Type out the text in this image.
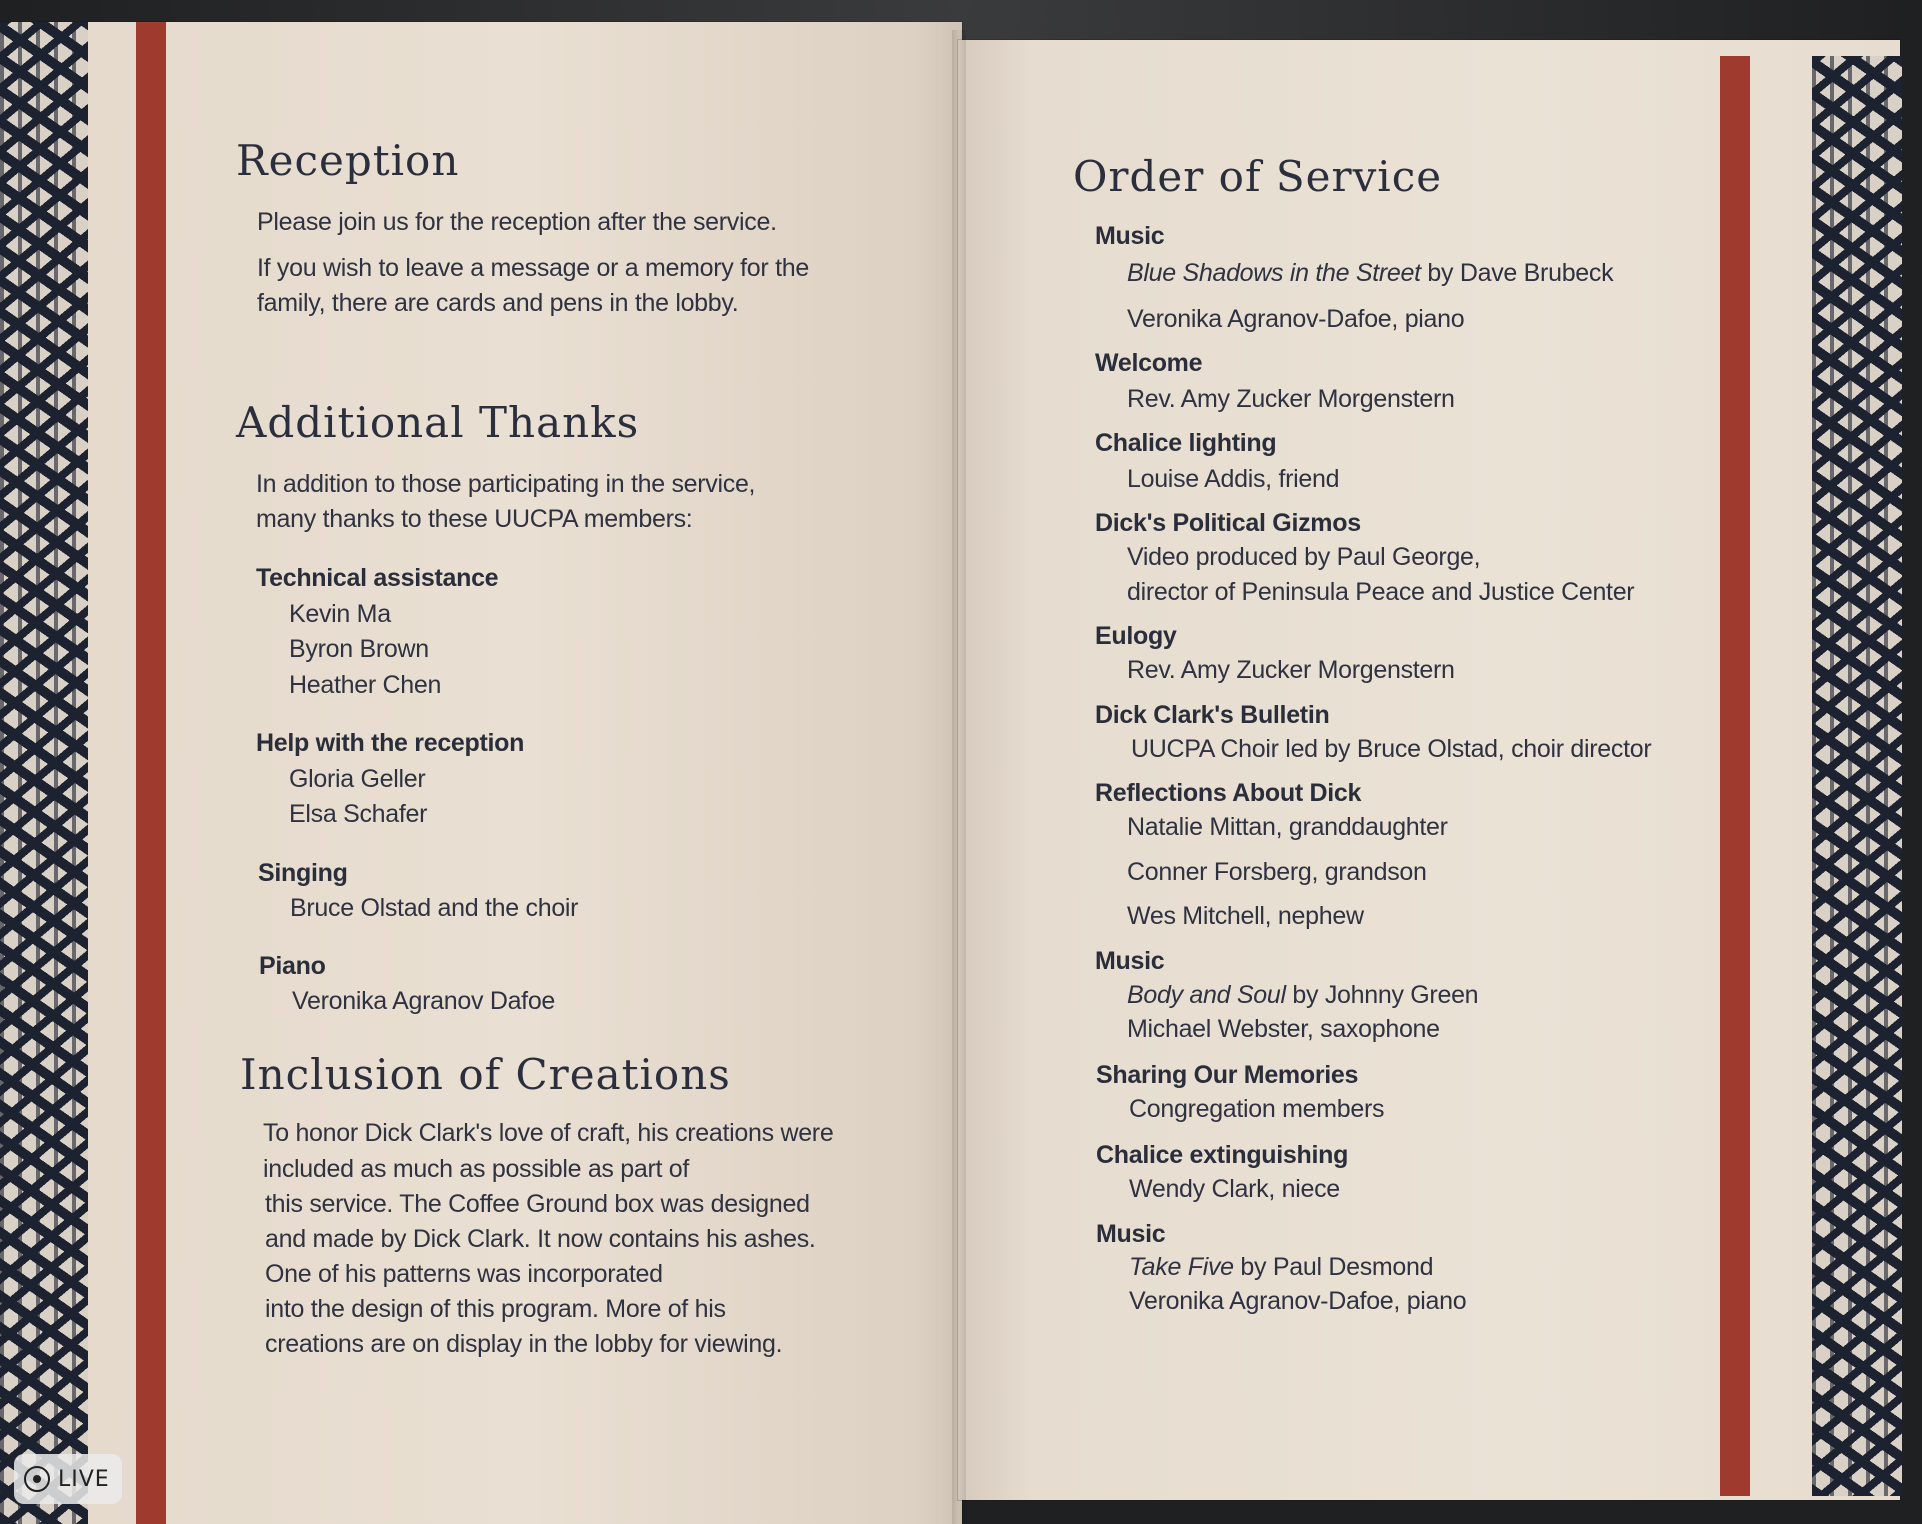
Reception
Please join us for the reception after the service.
If you wish to leave a message or a memory for the
family, there are cards and pens in the lobby.
Additional Thanks
In addition to those participating in the service,
many thanks to these UUCPA members:
Technical assistance
Kevin Ma
Byron Brown
Heather Chen
Help with the reception
Gloria Geller
Elsa Schafer
Singing
Bruce Olstad and the choir
Piano
Veronika Agranov Dafoe
Inclusion of Creations
To honor Dick Clark's love of craft, his creations were
included as much as possible as part of
this service. The Coffee Ground box was designed
and made by Dick Clark. It now contains his ashes.
One of his patterns was incorporated
into the design of this program. More of his
creations are on display in the lobby for viewing.
Order of Service
Music
Blue Shadows in the Street by Dave Brubeck
Veronika Agranov-Dafoe, piano
Welcome
Rev. Amy Zucker Morgenstern
Chalice lighting
Louise Addis, friend
Dick's Political Gizmos
Video produced by Paul George,
director of Peninsula Peace and Justice Center
Eulogy
Rev. Amy Zucker Morgenstern
Dick Clark's Bulletin
UUCPA Choir led by Bruce Olstad, choir director
Reflections About Dick
Natalie Mittan, granddaughter
Conner Forsberg, grandson
Wes Mitchell, nephew
Music
Body and Soul by Johnny Green
Michael Webster, saxophone
Sharing Our Memories
Congregation members
Chalice extinguishing
Wendy Clark, niece
Music
Take Five by Paul Desmond
Veronika Agranov-Dafoe, piano
LIVE
